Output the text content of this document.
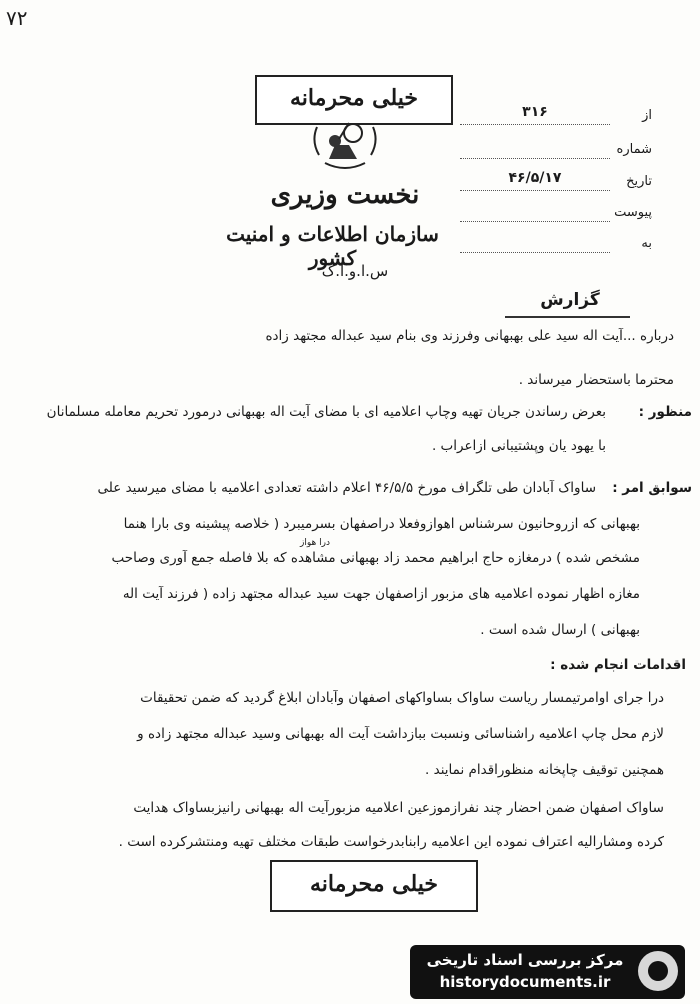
۷۲
خیلی محرمانه
نخست وزیری
سازمان اطلاعات و امنیت کشور
س.ا.و.ا.ک
از
۳۱۶
شماره
تاریخ
۴۶/۵/۱۷
پیوست
به
گزارش
درباره ...آیت اله سید علی بهبهانی وفرزند وی بنام سید عبداله مجتهد زاده
محترما باستحضار میرساند .
منظور :
بعرض رساندن جریان تهیه وچاپ اعلامیه ای با مضای آیت اله بهبهانی درمورد تحریم معامله مسلمانان
با یهود یان وپشتیبانی ازاعراب .
سوابق امر :
ساواک آبادان طی تلگراف مورخ ۴۶/۵/۵ اعلام داشته تعدادی اعلامیه با مضای میرسید علی
بهبهانی که ازروحانیون سرشناس اهوازوفعلا دراصفهان بسرمیبرد ( خلاصه پیشینه وی بارا هنما
درا هواز
مشخص شده ) درمغازه حاج ابراهیم محمد زاد بهبهانی مشاهده که بلا فاصله جمع آوری وصاحب
مغازه اظهار نموده اعلامیه های مزبور ازاصفهان جهت سید عبداله مجتهد زاده ( فرزند آیت اله
بهبهانی ) ارسال شده است .
اقدامات انجام شده :
درا جرای اوامرتیمسار ریاست ساواک بساواکهای اصفهان وآبادان ابلاغ گردید که ضمن تحقیقات
لازم محل چاپ اعلامیه راشناسائی ونسبت ببازداشت آیت اله بهبهانی وسید عبداله مجتهد زاده و
همچنین توقیف چاپخانه منظوراقدام نمایند .
ساواک اصفهان ضمن احضار چند نفرازموزعین اعلامیه مزبورآیت اله بهبهانی رانیزبساواک هدایت
کرده ومشاراليه اعتراف نموده این اعلامیه رابنابدرخواست طبقات مختلف تهیه ومنتشرکرده است .
خیلی محرمانه
مرکز بررسی اسناد تاریخی
historydocuments.ir
